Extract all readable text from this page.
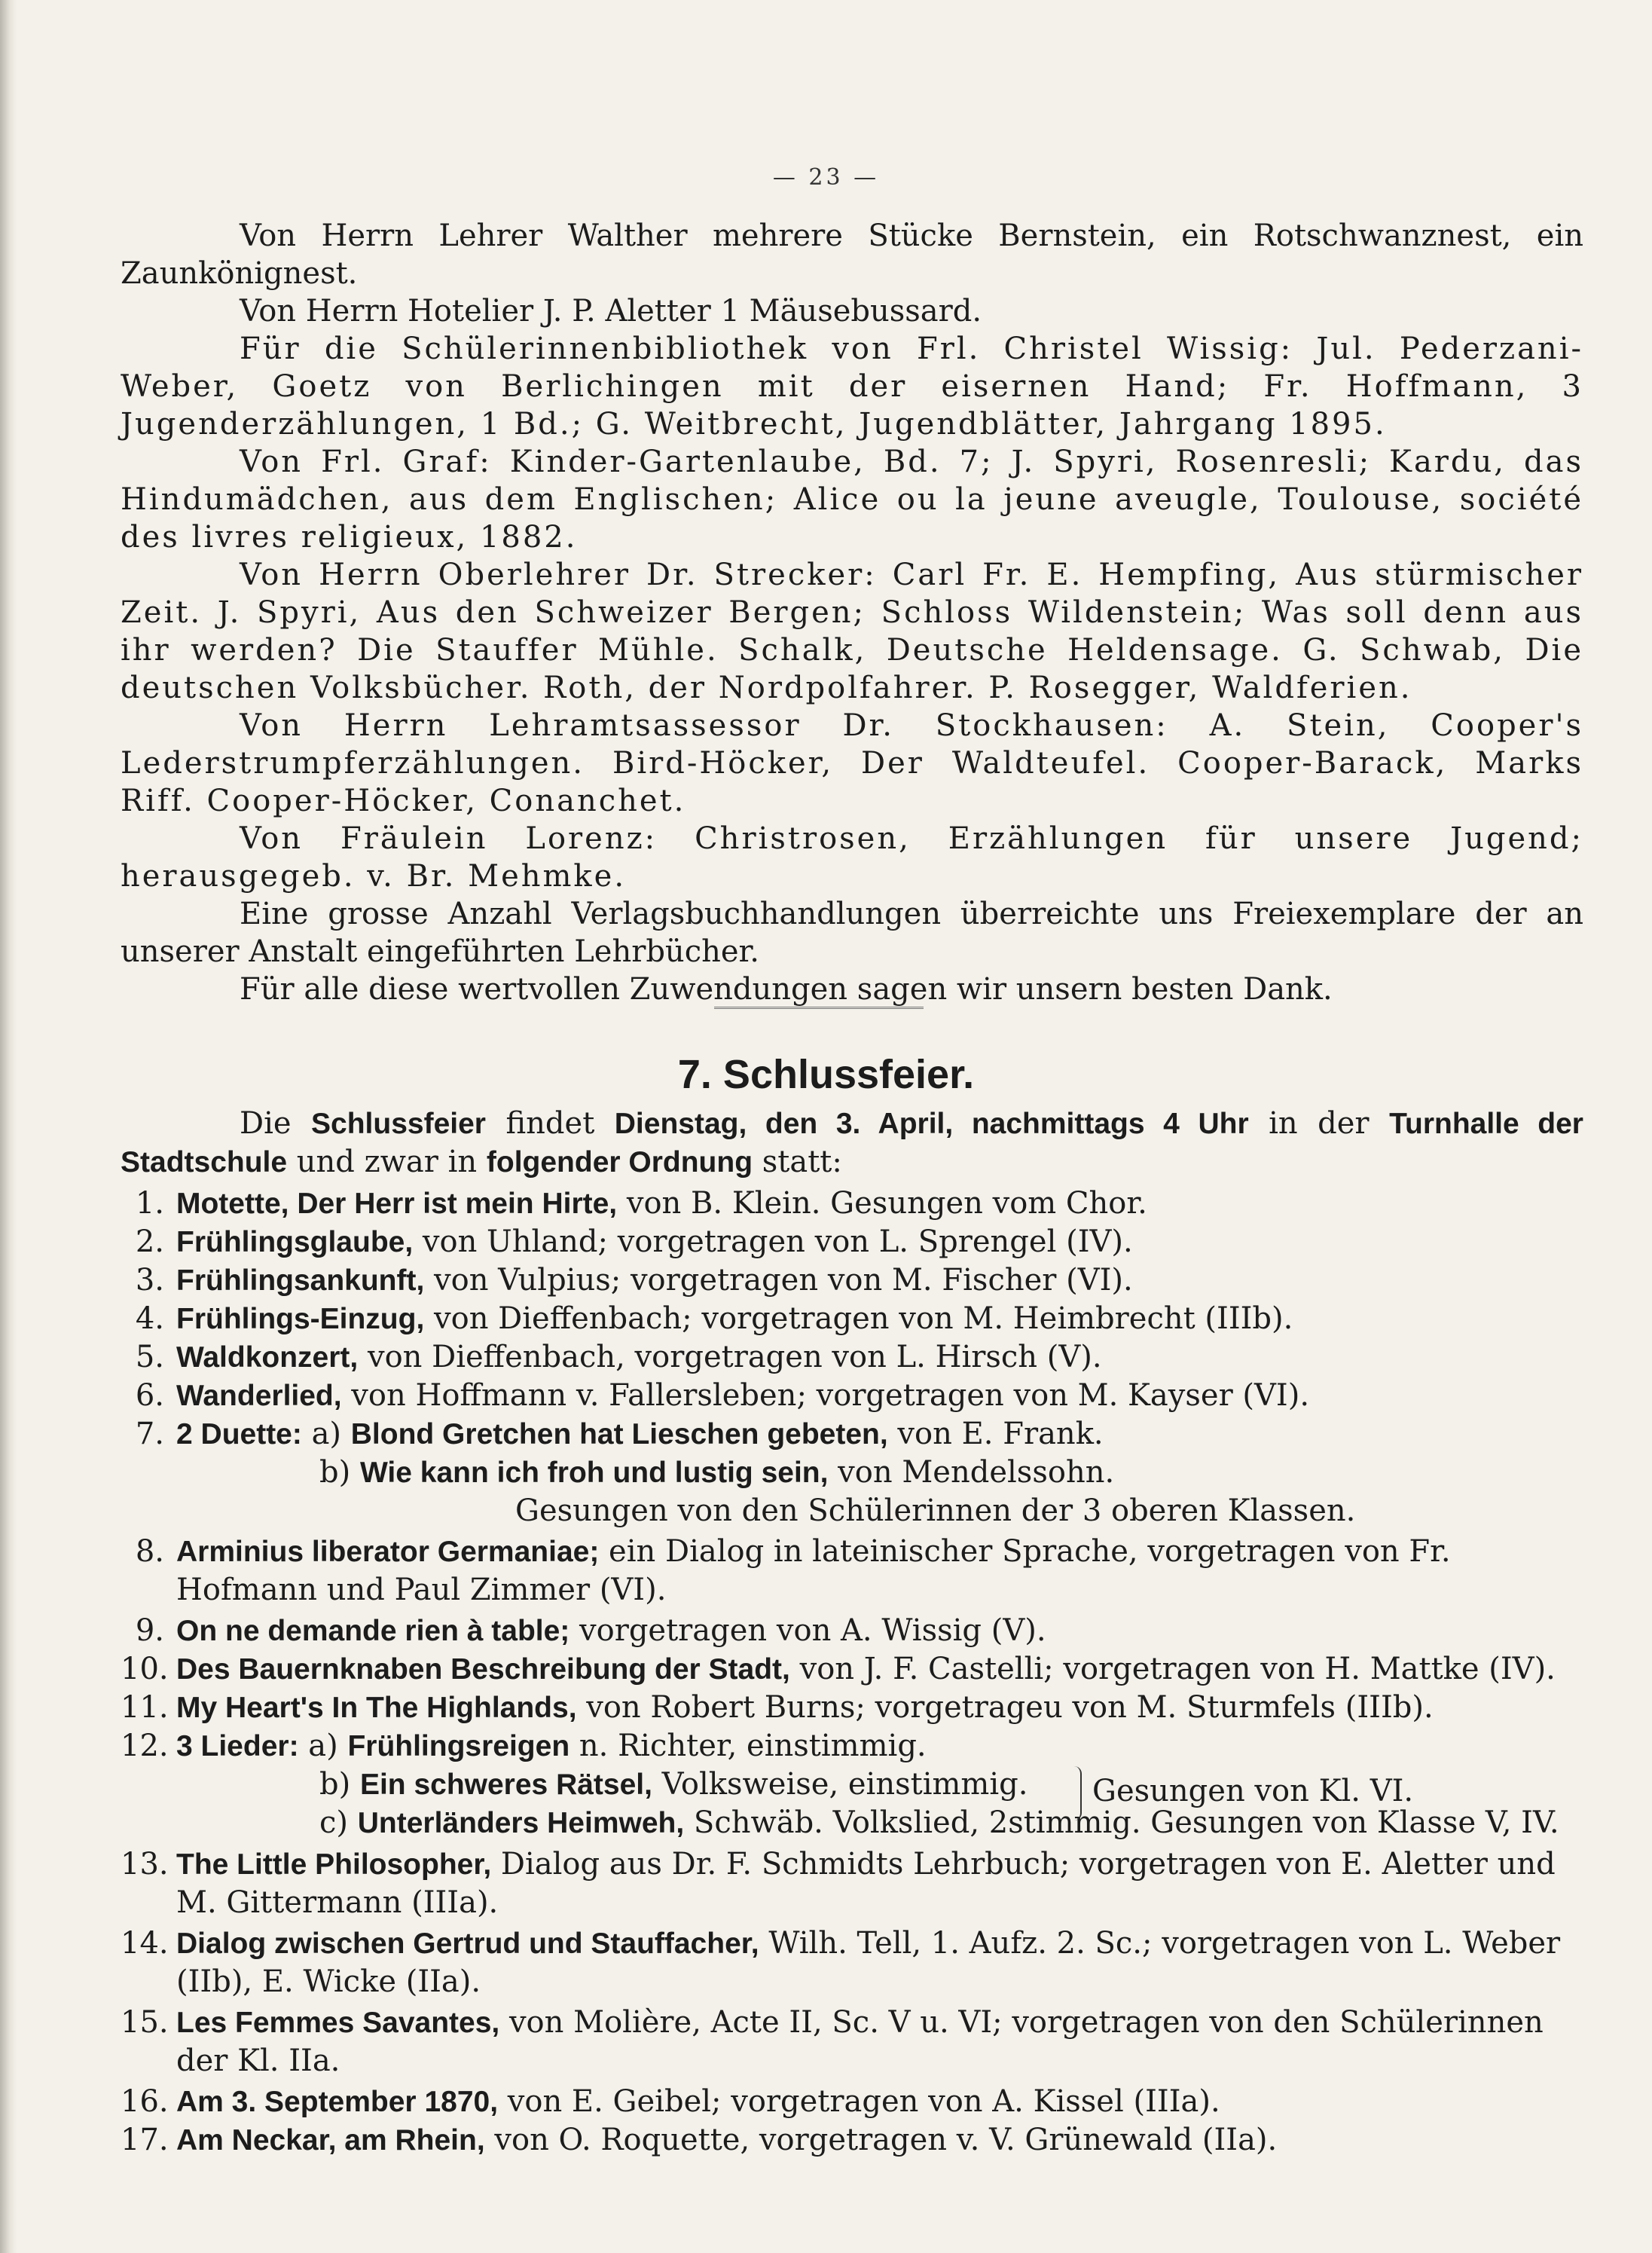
— 23 —

Von Herrn Lehrer Walther mehrere Stücke Bernstein, ein Rotschwanznest, ein Zaunkönignest.

Von Herrn Hotelier J. P. Aletter 1 Mäusebussard.

Für die Schülerinnenbibliothek von Frl. Christel Wissig: Jul. Pederzani-Weber, Goetz von Berlichingen mit der eisernen Hand; Fr. Hoffmann, 3 Jugenderzählungen, 1 Bd.; G. Weitbrecht, Jugendblätter, Jahrgang 1895.

Von Frl. Graf: Kinder-Gartenlaube, Bd. 7; J. Spyri, Rosenresli; Kardu, das Hindumädchen, aus dem Englischen; Alice ou la jeune aveugle, Toulouse, société des livres religieux, 1882.

Von Herrn Oberlehrer Dr. Strecker: Carl Fr. E. Hempfing, Aus stürmischer Zeit. J. Spyri, Aus den Schweizer Bergen; Schloss Wildenstein; Was soll denn aus ihr werden? Die Stauffer Mühle. Schalk, Deutsche Heldensage. G. Schwab, Die deutschen Volksbücher. Roth, der Nordpolfahrer. P. Rosegger, Waldferien.

Von Herrn Lehramtsassessor Dr. Stockhausen: A. Stein, Cooper's Lederstrumpferzählungen. Bird-Höcker, Der Waldteufel. Cooper-Barack, Marks Riff. Cooper-Höcker, Conanchet.

Von Fräulein Lorenz: Christrosen, Erzählungen für unsere Jugend; herausgegeb. v. Br. Mehmke.

Eine grosse Anzahl Verlagsbuchhandlungen überreichte uns Freiexemplare der an unserer Anstalt eingeführten Lehrbücher.

Für alle diese wertvollen Zuwendungen sagen wir unsern besten Dank.

7. Schlussfeier.
Die Schlussfeier findet Dienstag, den 3. April, nachmittags 4 Uhr in der Turnhalle der Stadtschule und zwar in folgender Ordnung statt:
1. Motette, Der Herr ist mein Hirte, von B. Klein. Gesungen vom Chor.
2. Frühlingsglaube, von Uhland; vorgetragen von L. Sprengel (IV).
3. Frühlingsankunft, von Vulpius; vorgetragen von M. Fischer (VI).
4. Frühlings-Einzug, von Dieffenbach; vorgetragen von M. Heimbrecht (IIIb).
5. Waldkonzert, von Dieffenbach, vorgetragen von L. Hirsch (V).
6. Wanderlied, von Hoffmann v. Fallersleben; vorgetragen von M. Kayser (VI).
7. 2 Duette: a) Blond Gretchen hat Lieschen gebeten, von E. Frank.
b) Wie kann ich froh und lustig sein, von Mendelssohn.
Gesungen von den Schülerinnen der 3 oberen Klassen.
8. Arminius liberator Germaniae; ein Dialog in lateinischer Sprache, vorgetragen von Fr. Hofmann und Paul Zimmer (VI).
9. On ne demande rien à table; vorgetragen von A. Wissig (V).
10. Des Bauernknaben Beschreibung der Stadt, von J. F. Castelli; vorgetragen von H. Mattke (IV).
11. My Heart's In The Highlands, von Robert Burns; vorgetrageu von M. Sturmfels (IIIb).
12. 3 Lieder: a) Frühlingsreigen n. Richter, einstimmig.
b) Ein schweres Rätsel, Volksweise, einstimmig.	Gesungen von Kl. VI.
c) Unterländers Heimweh, Schwäb. Volkslied, 2stimmig. Gesungen von Klasse V, IV.
13. The Little Philosopher, Dialog aus Dr. F. Schmidts Lehrbuch; vorgetragen von E. Aletter und M. Gittermann (IIIa).
14. Dialog zwischen Gertrud und Stauffacher, Wilh. Tell, 1. Aufz. 2. Sc.; vorgetragen von L. Weber (IIb), E. Wicke (IIa).
15. Les Femmes Savantes, von Molière, Acte II, Sc. V u. VI; vorgetragen von den Schülerinnen der Kl. IIa.
16. Am 3. September 1870, von E. Geibel; vorgetragen von A. Kissel (IIIa).
17. Am Neckar, am Rhein, von O. Roquette, vorgetragen v. V. Grünewald (IIa).
